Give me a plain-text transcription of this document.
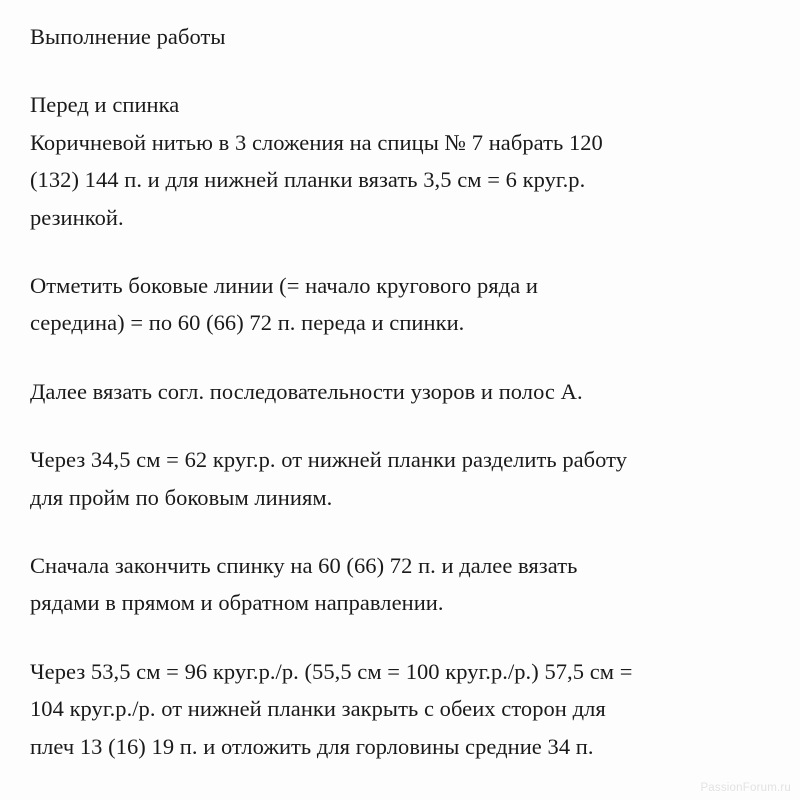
Выполнение работы
Перед и спинка
Коричневой нитью в 3 сложения на спицы № 7 набрать 120
(132) 144 п. и для нижней планки вязать 3,5 см = 6 круг.р.
резинкой.
Отметить боковые линии (= начало кругового ряда и
середина) = по 60 (66) 72 п. переда и спинки.
Далее вязать согл. последовательности узоров и полос А.
Через 34,5 см = 62 круг.р. от нижней планки разделить работу
для пройм по боковым линиям.
Сначала закончить спинку на 60 (66) 72 п. и далее вязать
рядами в прямом и обратном направлении.
Через 53,5 см = 96 круг.р./р. (55,5 см = 100 круг.р./р.) 57,5 см =
104 круг.р./р. от нижней планки закрыть с обеих сторон для
плеч 13 (16) 19 п. и отложить для горловины средние 34 п.
PassionForum.ru
